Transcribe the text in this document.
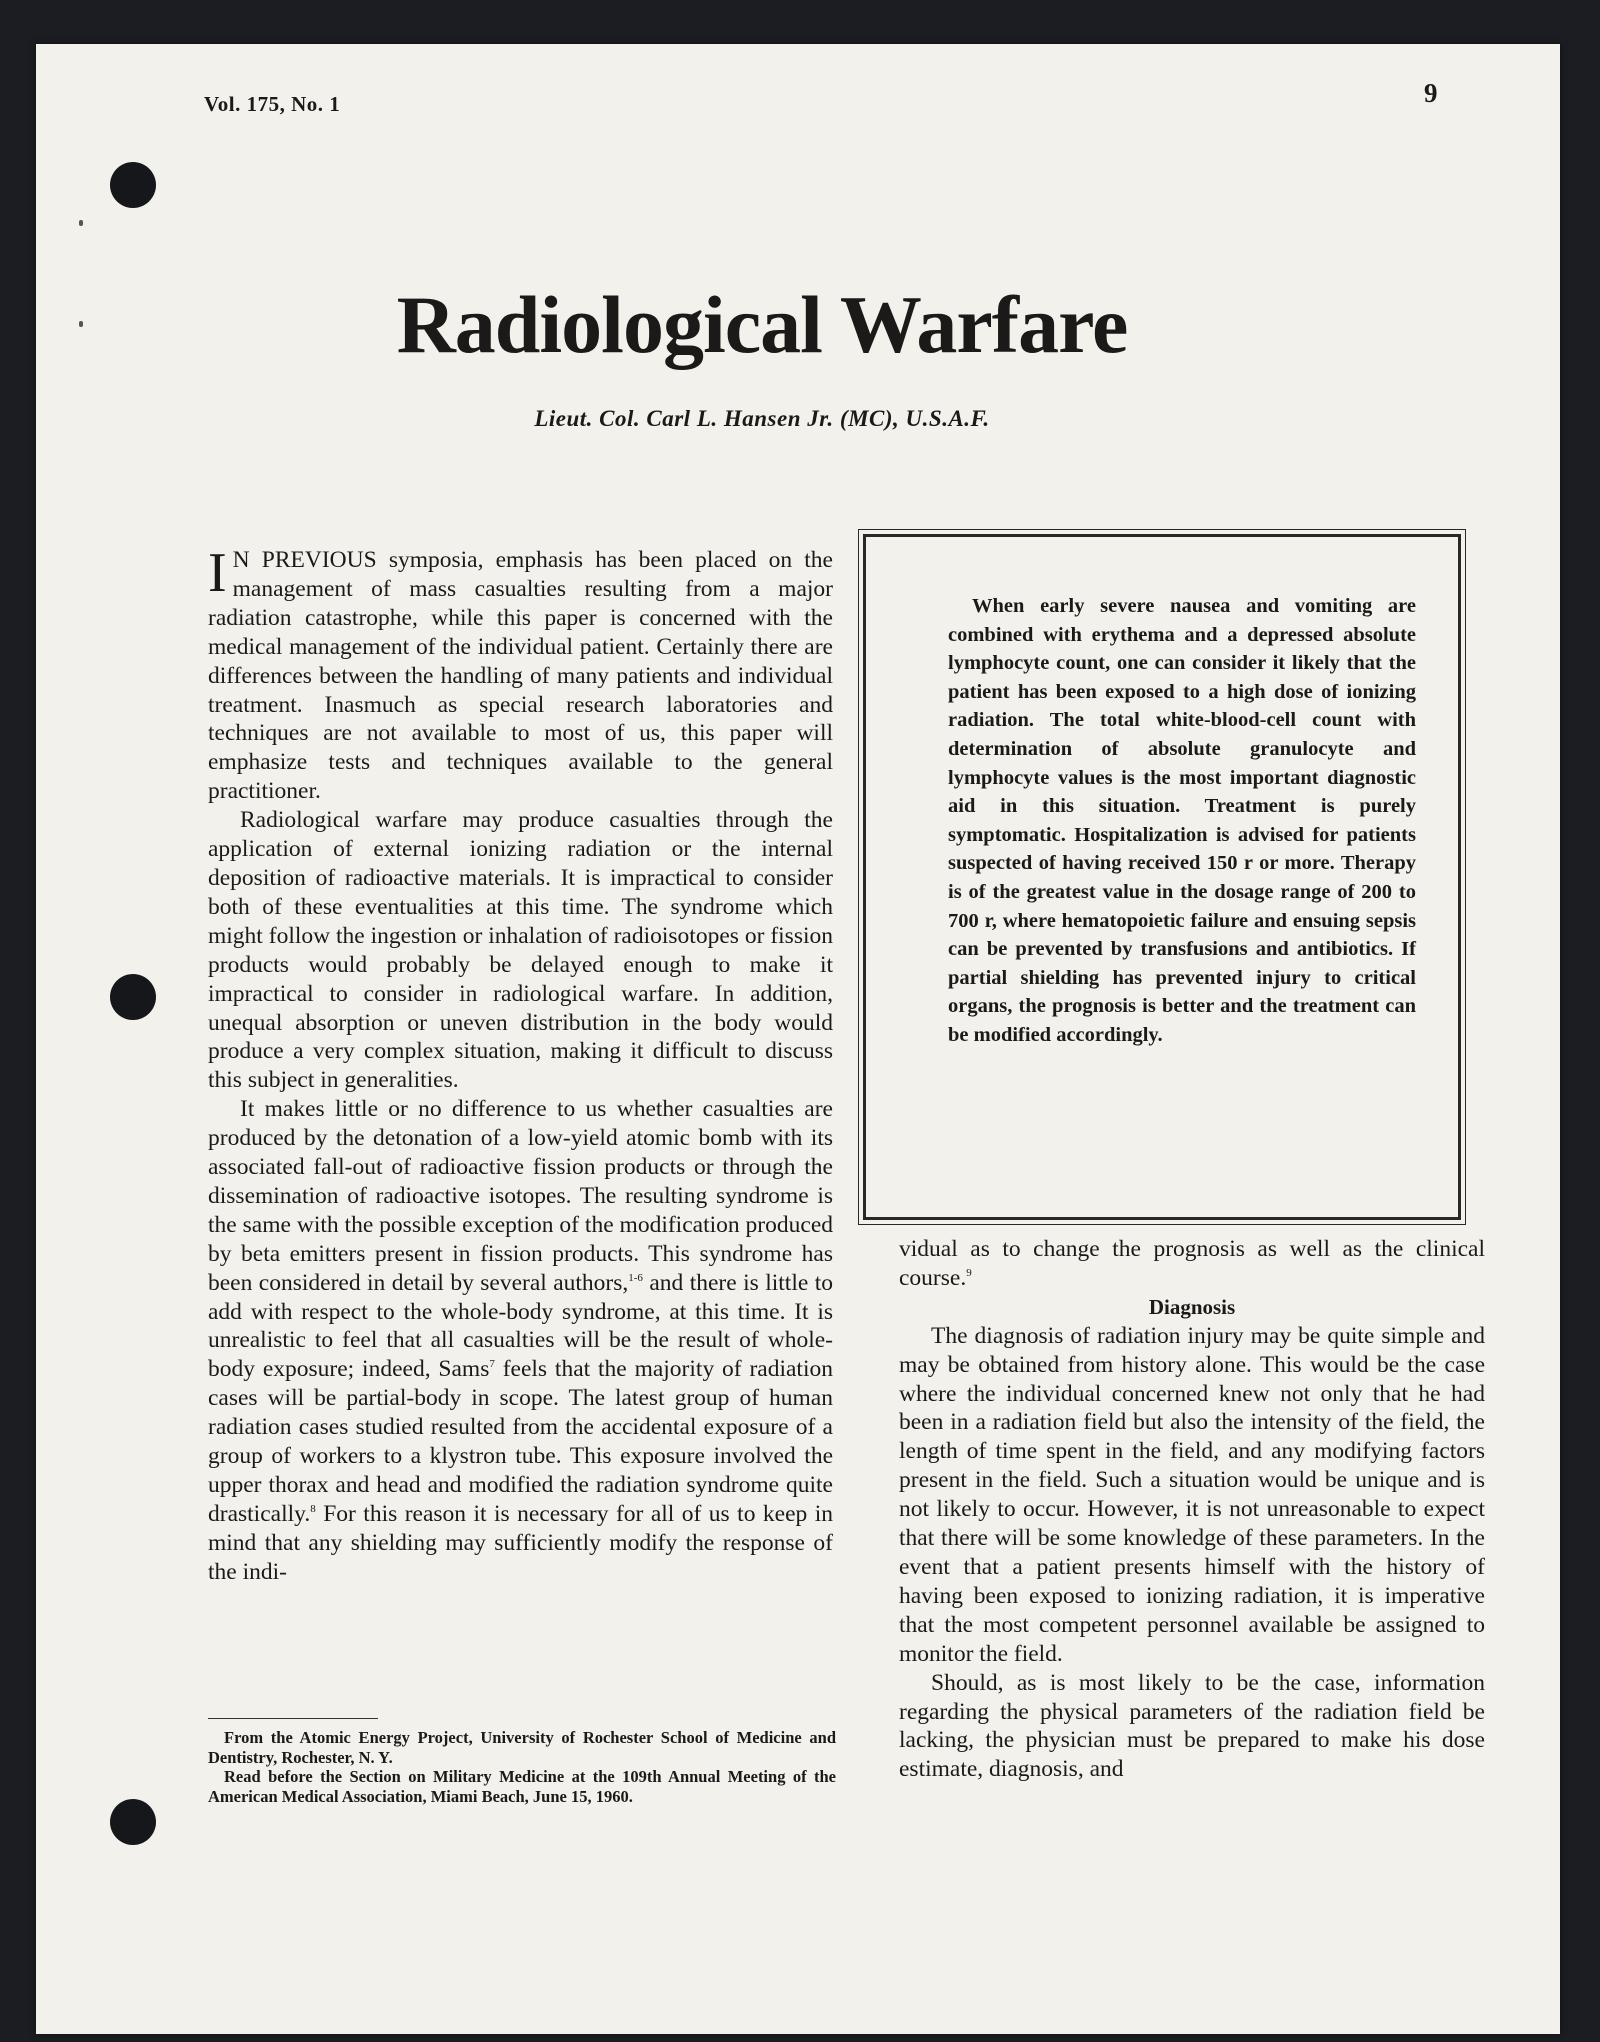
Vol. 175, No. 1	9
Radiological Warfare
Lieut. Col. Carl L. Hansen Jr. (MC), U.S.A.F.

I N PREVIOUS symposia, emphasis has been placed on the management of mass casualties resulting from a major radiation catastrophe, while this paper is concerned with the medical management of the individual patient. Certainly there are differences between the handling of many patients and individual treatment. Inasmuch as special research laboratories and techniques are not available to most of us, this paper will emphasize tests and techniques available to the general practitioner.

Radiological warfare may produce casualties through the application of external ionizing radiation or the internal deposition of radioactive materials. It is impractical to consider both of these eventualities at this time. The syndrome which might follow the ingestion or inhalation of radioisotopes or fission products would probably be delayed enough to make it impractical to consider in radiological warfare. In addition, unequal absorption or uneven distribution in the body would produce a very complex situation, making it difficult to discuss this subject in generalities.

It makes little or no difference to us whether casualties are produced by the detonation of a low-yield atomic bomb with its associated fall-out of radioactive fission products or through the dissemination of radioactive isotopes. The resulting syndrome is the same with the possible exception of the modification produced by beta emitters present in fission products. This syndrome has been considered in detail by several authors,$^{1-6}$ and there is little to add with respect to the whole-body syndrome, at this time. It is unrealistic to feel that all casualties will be the result of whole-body exposure; indeed, Sams$^7$ feels that the majority of radiation cases will be partial-body in scope. The latest group of human radiation cases studied resulted from the accidental exposure of a group of workers to a klystron tube. This exposure involved the upper thorax and head and modified the radiation syndrome quite drastically.$^8$ For this reason it is necessary for all of us to keep in mind that any shielding may sufficiently modify the response of the indi-

From the Atomic Energy Project, University of Rochester School of Medicine and Dentistry, Rochester, N. Y.

Read before the Section on Military Medicine at the 109th Annual Meeting of the American Medical Association, Miami Beach, June 15, 1960.

When early severe nausea and vomiting are combined with erythema and a depressed absolute lymphocyte count, one can consider it likely that the patient has been exposed to a high dose of ionizing radiation. The total white-blood-cell count with determination of absolute granulocyte and lymphocyte values is the most important diagnostic aid in this situation. Treatment is purely symptomatic. Hospitalization is advised for patients suspected of having received 150 r or more. Therapy is of the greatest value in the dosage range of 200 to 700 r, where hematopoietic failure and ensuing sepsis can be prevented by transfusions and antibiotics. If partial shielding has prevented injury to critical organs, the prognosis is better and the treatment can be modified accordingly.

vidual as to change the prognosis as well as the clinical course.$^9$

Diagnosis

The diagnosis of radiation injury may be quite simple and may be obtained from history alone. This would be the case where the individual concerned knew not only that he had been in a radiation field but also the intensity of the field, the length of time spent in the field, and any modifying factors present in the field. Such a situation would be unique and is not likely to occur. However, it is not unreasonable to expect that there will be some knowledge of these parameters. In the event that a patient presents himself with the history of having been exposed to ionizing radiation, it is imperative that the most competent personnel available be assigned to monitor the field.

Should, as is most likely to be the case, information regarding the physical parameters of the radiation field be lacking, the physician must be prepared to make his dose estimate, diagnosis, and
